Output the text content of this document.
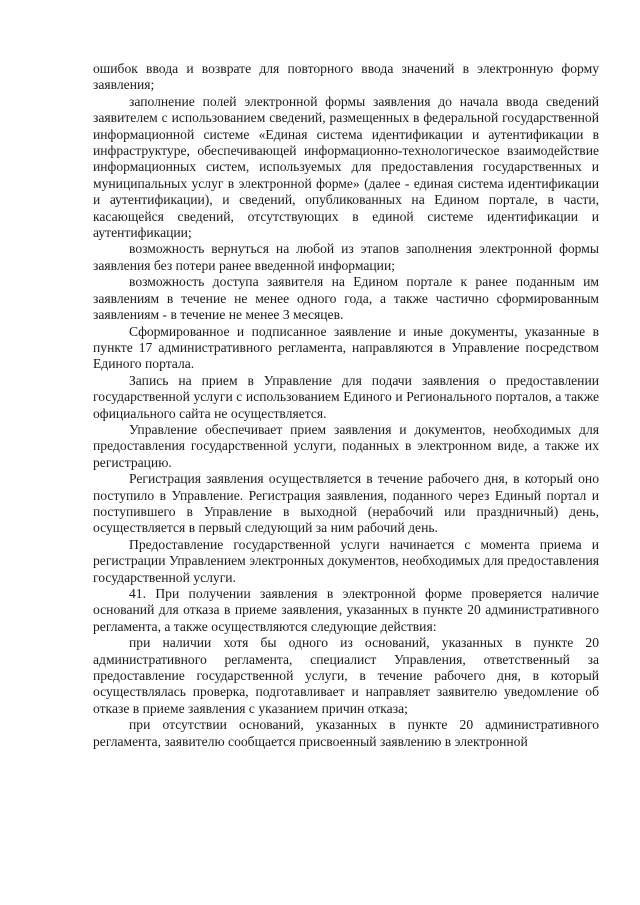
ошибок ввода и возврате для повторного ввода значений в электронную форму заявления;

заполнение полей электронной формы заявления до начала ввода сведений заявителем с использованием сведений, размещенных в федеральной государственной информационной системе «Единая система идентификации и аутентификации в инфраструктуре, обеспечивающей информационно-технологическое взаимодействие информационных систем, используемых для предоставления государственных и муниципальных услуг в электронной форме» (далее - единая система идентификации и аутентификации), и сведений, опубликованных на Едином портале, в части, касающейся сведений, отсутствующих в единой системе идентификации и аутентификации;

возможность вернуться на любой из этапов заполнения электронной формы заявления без потери ранее введенной информации;

возможность доступа заявителя на Едином портале к ранее поданным им заявлениям в течение не менее одного года, а также частично сформированным заявлениям - в течение не менее 3 месяцев.

Сформированное и подписанное заявление и иные документы, указанные в пункте 17 административного регламента, направляются в Управление посредством Единого портала.

Запись на прием в Управление для подачи заявления о предоставлении государственной услуги с использованием Единого и Регионального порталов, а также официального сайта не осуществляется.

Управление обеспечивает прием заявления и документов, необходимых для предоставления государственной услуги, поданных в электронном виде, а также их регистрацию.

Регистрация заявления осуществляется в течение рабочего дня, в который оно поступило в Управление. Регистрация заявления, поданного через Единый портал и поступившего в Управление в выходной (нерабочий или праздничный) день, осуществляется в первый следующий за ним рабочий день.

Предоставление государственной услуги начинается с момента приема и регистрации Управлением электронных документов, необходимых для предоставления государственной услуги.

41. При получении заявления в электронной форме проверяется наличие оснований для отказа в приеме заявления, указанных в пункте 20 административного регламента, а также осуществляются следующие действия:

при наличии хотя бы одного из оснований, указанных в пункте 20 административного регламента, специалист Управления, ответственный за предоставление государственной услуги, в течение рабочего дня, в который осуществлялась проверка, подготавливает и направляет заявителю уведомление об отказе в приеме заявления с указанием причин отказа;

при отсутствии оснований, указанных в пункте 20 административного регламента, заявителю сообщается присвоенный заявлению в электронной
